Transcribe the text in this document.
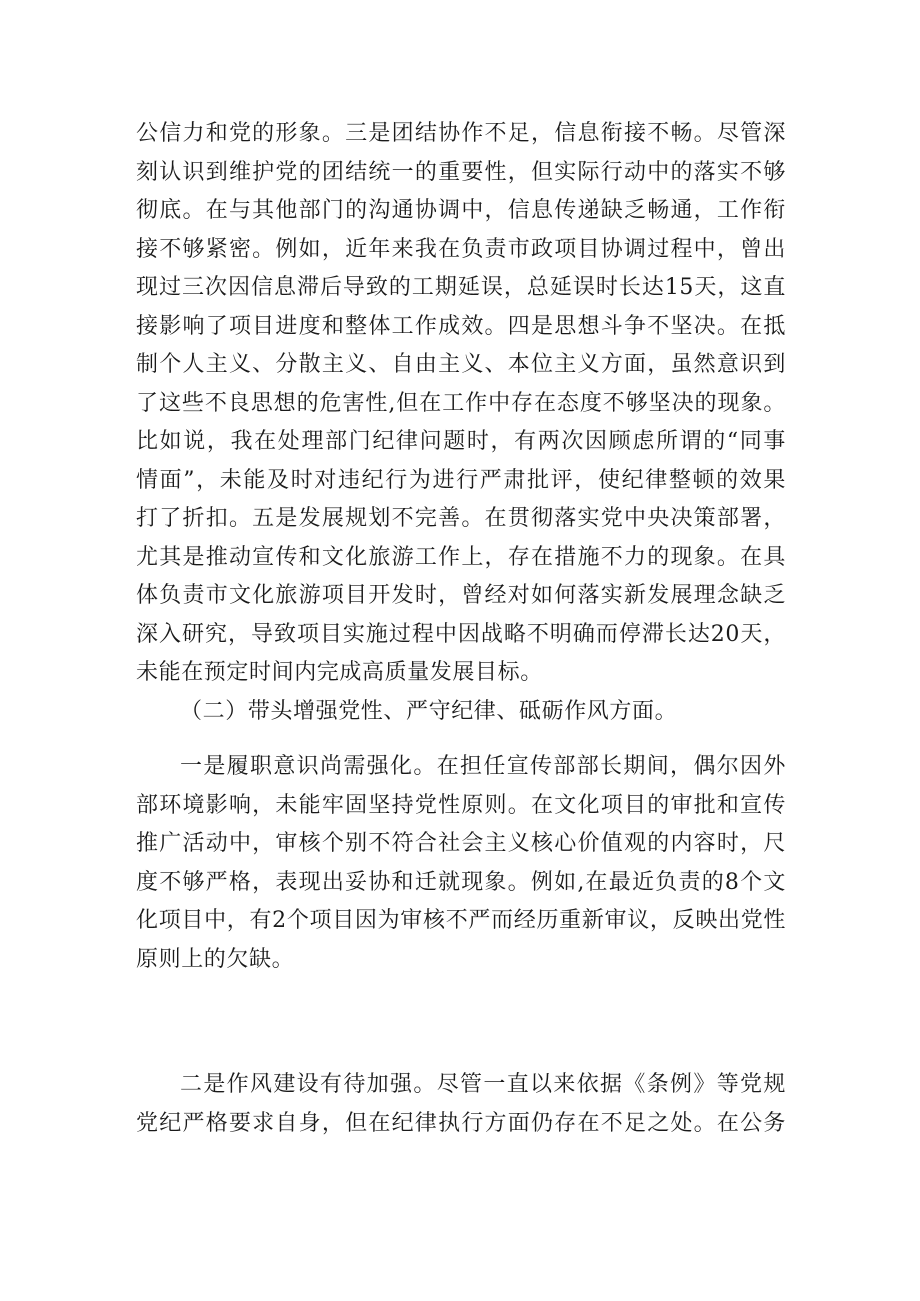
公信力和党的形象。三是团结协作不足，信息衔接不畅。尽管深
刻认识到维护党的团结统一的重要性，但实际行动中的落实不够
彻底。在与其他部门的沟通协调中，信息传递缺乏畅通，工作衔
接不够紧密。例如，近年来我在负责市政项目协调过程中，曾出
现过三次因信息滞后导致的工期延误，总延误时长达15天，这直
接影响了项目进度和整体工作成效。四是思想斗争不坚决。在抵
制个人主义、分散主义、自由主义、本位主义方面，虽然意识到
了这些不良思想的危害性,但在工作中存在态度不够坚决的现象。
比如说，我在处理部门纪律问题时，有两次因顾虑所谓的“同事
情面”，未能及时对违纪行为进行严肃批评，使纪律整顿的效果
打了折扣。五是发展规划不完善。在贯彻落实党中央决策部署，
尤其是推动宣传和文化旅游工作上，存在措施不力的现象。在具
体负责市文化旅游项目开发时，曾经对如何落实新发展理念缺乏
深入研究，导致项目实施过程中因战略不明确而停滞长达20天，
未能在预定时间内完成高质量发展目标。
（二）带头增强党性、严守纪律、砥砺作风方面。
一是履职意识尚需强化。在担任宣传部部长期间，偶尔因外
部环境影响，未能牢固坚持党性原则。在文化项目的审批和宣传
推广活动中，审核个别不符合社会主义核心价值观的内容时，尺
度不够严格，表现出妥协和迁就现象。例如,在最近负责的8个文
化项目中，有2个项目因为审核不严而经历重新审议，反映出党性
原则上的欠缺。
二是作风建设有待加强。尽管一直以来依据《条例》等党规
党纪严格要求自身，但在纪律执行方面仍存在不足之处。在公务
